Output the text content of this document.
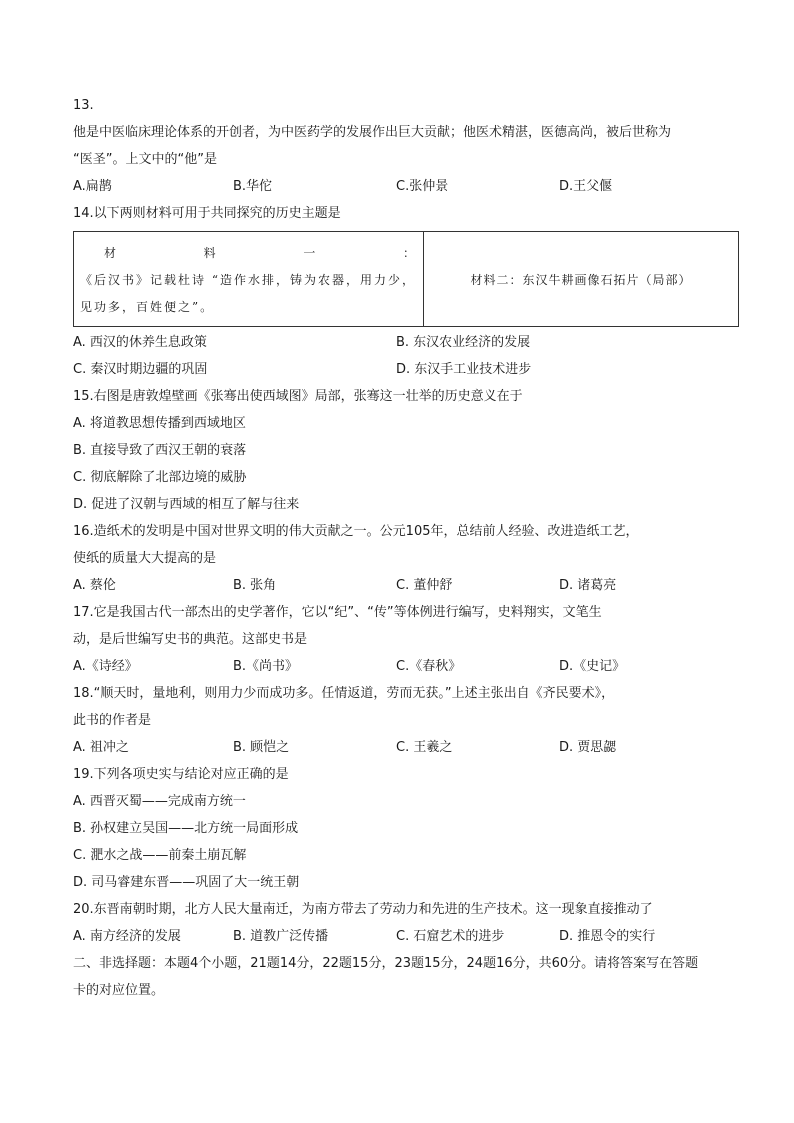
13.
他是中医临床理论体系的开创者，为中医药学的发展作出巨大贡献；他医术精湛，医德高尚，被后世称为
“医圣”。上文中的“他”是
A.扁鹊	B.华佗	C.张仲景	D.王父偃
14.以下两则材料可用于共同探究的历史主题是
材	料	一	：
《后汉书》记载杜诗 “造作水排，铸为农器，用力少，见功多，百姓便之”。
材料二：东汉牛耕画像石拓片（局部）
A. 西汉的休养生息政策	B. 东汉农业经济的发展
C. 秦汉时期边疆的巩固	D. 东汉手工业技术进步
15.右图是唐敦煌壁画《张骞出使西域图》局部，张骞这一壮举的历史意义在于
A. 将道教思想传播到西域地区
B. 直接导致了西汉王朝的衰落
C. 彻底解除了北部边境的威胁
D. 促进了汉朝与西域的相互了解与往来
16.造纸术的发明是中国对世界文明的伟大贡献之一。公元105年，总结前人经验、改进造纸工艺，
使纸的质量大大提高的是
A. 蔡伦	B. 张角	C. 董仲舒	D. 诸葛亮
17.它是我国古代一部杰出的史学著作，它以“纪”、“传”等体例进行编写，史料翔实，文笔生
动，是后世编写史书的典范。这部史书是
A.《诗经》	B.《尚书》	C.《春秋》	D.《史记》
18.“顺天时，量地利，则用力少而成功多。任情返道，劳而无获。”上述主张出自《齐民要术》，
此书的作者是
A. 祖冲之	B. 顾恺之	C. 王羲之	D. 贾思勰
19.下列各项史实与结论对应正确的是
A. 西晋灭蜀——完成南方统一
B. 孙权建立吴国——北方统一局面形成
C. 淝水之战——前秦土崩瓦解
D. 司马睿建东晋——巩固了大一统王朝
20.东晋南朝时期，北方人民大量南迁，为南方带去了劳动力和先进的生产技术。这一现象直接推动了
A. 南方经济的发展	B. 道教广泛传播	C. 石窟艺术的进步	D. 推恩令的实行
二、非选择题：本题4个小题，21题14分，22题15分，23题15分，24题16分，共60分。请将答案写在答题
卡的对应位置。
